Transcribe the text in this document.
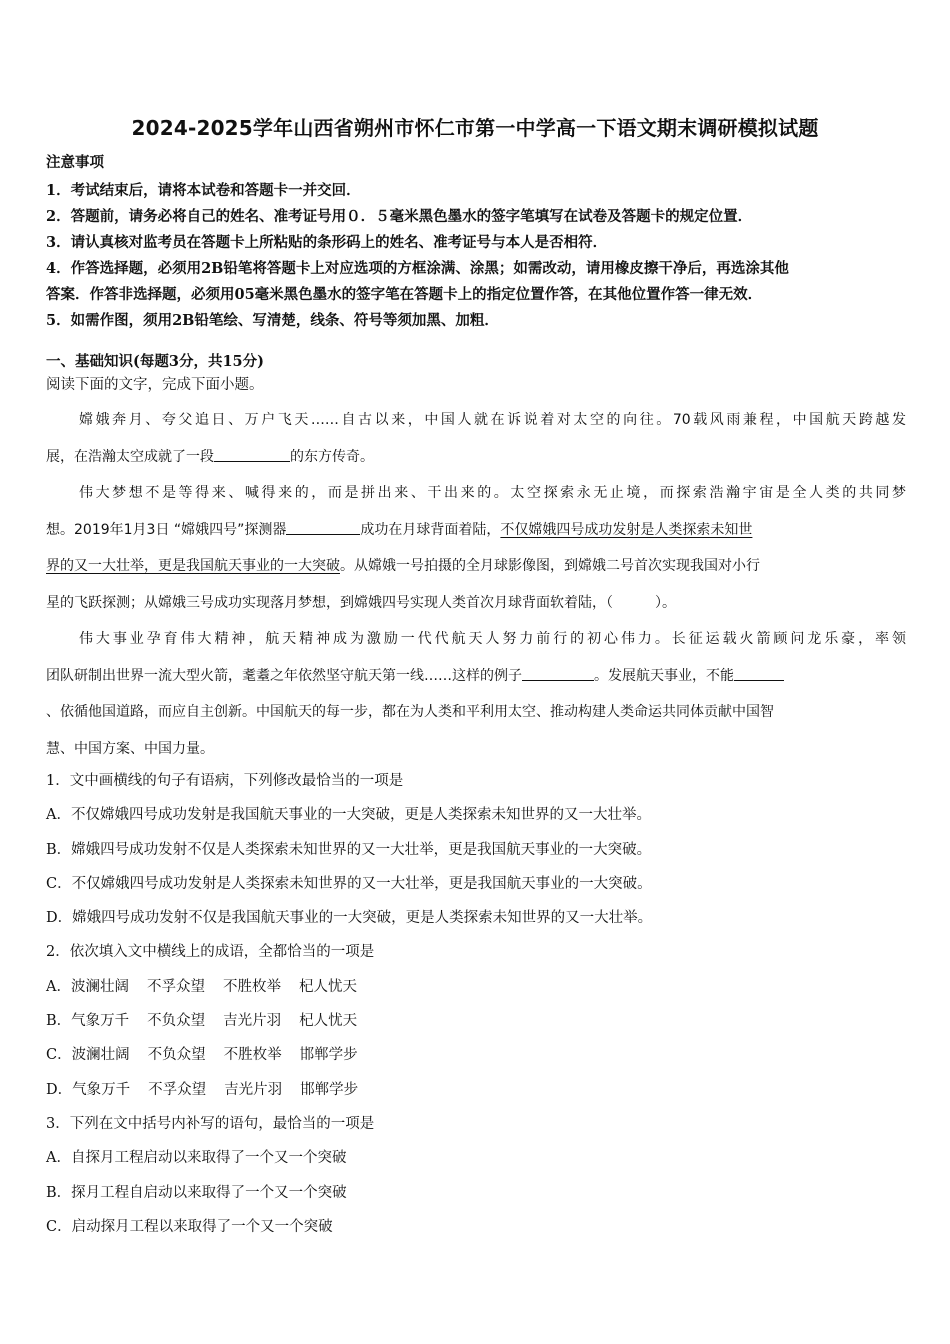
2024-2025学年山西省朔州市怀仁市第一中学高一下语文期末调研模拟试题
注意事项
1．考试结束后，请将本试卷和答题卡一并交回．
2．答题前，请务必将自己的姓名、准考证号用０．５毫米黑色墨水的签字笔填写在试卷及答题卡的规定位置．
3．请认真核对监考员在答题卡上所粘贴的条形码上的姓名、准考证号与本人是否相符．
4．作答选择题，必须用2B铅笔将答题卡上对应选项的方框涂满、涂黑；如需改动，请用橡皮擦干净后，再选涂其他
答案．作答非选择题，必须用05毫米黑色墨水的签字笔在答题卡上的指定位置作答，在其他位置作答一律无效．
5．如需作图，须用2B铅笔绘、写清楚，线条、符号等须加黑、加粗．
一、基础知识(每题3分，共15分)
阅读下面的文字，完成下面小题。
嫦娥奔月、夸父追日、万户飞天……自古以来，中国人就在诉说着对太空的向往。70载风雨兼程，中国航天跨越发
展，在浩瀚太空成就了一段	的东方传奇。
伟大梦想不是等得来、喊得来的，而是拼出来、干出来的。太空探索永无止境，而探索浩瀚宇宙是全人类的共同梦
想。2019年1月3日 “嫦娥四号”探测器	成功在月球背面着陆，不仅嫦娥四号成功发射是人类探索未知世
界的又一大壮举，更是我国航天事业的一大突破。从嫦娥一号拍摄的全月球影像图，到嫦娥二号首次实现我国对小行
星的飞跃探测；从嫦娥三号成功实现落月梦想，到嫦娥四号实现人类首次月球背面软着陆，（　　　）。
伟大事业孕育伟大精神，航天精神成为激励一代代航天人努力前行的初心伟力。长征运载火箭顾问龙乐豪，率领
团队研制出世界一流大型火箭，耄耋之年依然坚守航天第一线……这样的例子	。发展航天事业，不能
、依循他国道路，而应自主创新。中国航天的每一步，都在为人类和平利用太空、推动构建人类命运共同体贡献中国智
慧、中国方案、中国力量。
1．文中画横线的句子有语病，下列修改最恰当的一项是
A．不仅嫦娥四号成功发射是我国航天事业的一大突破，更是人类探索未知世界的又一大壮举。
B．嫦娥四号成功发射不仅是人类探索未知世界的又一大壮举，更是我国航天事业的一大突破。
C．不仅嫦娥四号成功发射是人类探索未知世界的又一大壮举，更是我国航天事业的一大突破。
D．嫦娥四号成功发射不仅是我国航天事业的一大突破，更是人类探索未知世界的又一大壮举。
2．依次填入文中横线上的成语，全都恰当的一项是
A．波澜壮阔 不孚众望 不胜枚举 杞人忧天
B．气象万千 不负众望 吉光片羽 杞人忧天
C．波澜壮阔 不负众望 不胜枚举 邯郸学步
D．气象万千 不孚众望 吉光片羽 邯郸学步
3．下列在文中括号内补写的语句，最恰当的一项是
A．自探月工程启动以来取得了一个又一个突破
B．探月工程自启动以来取得了一个又一个突破
C．启动探月工程以来取得了一个又一个突破
